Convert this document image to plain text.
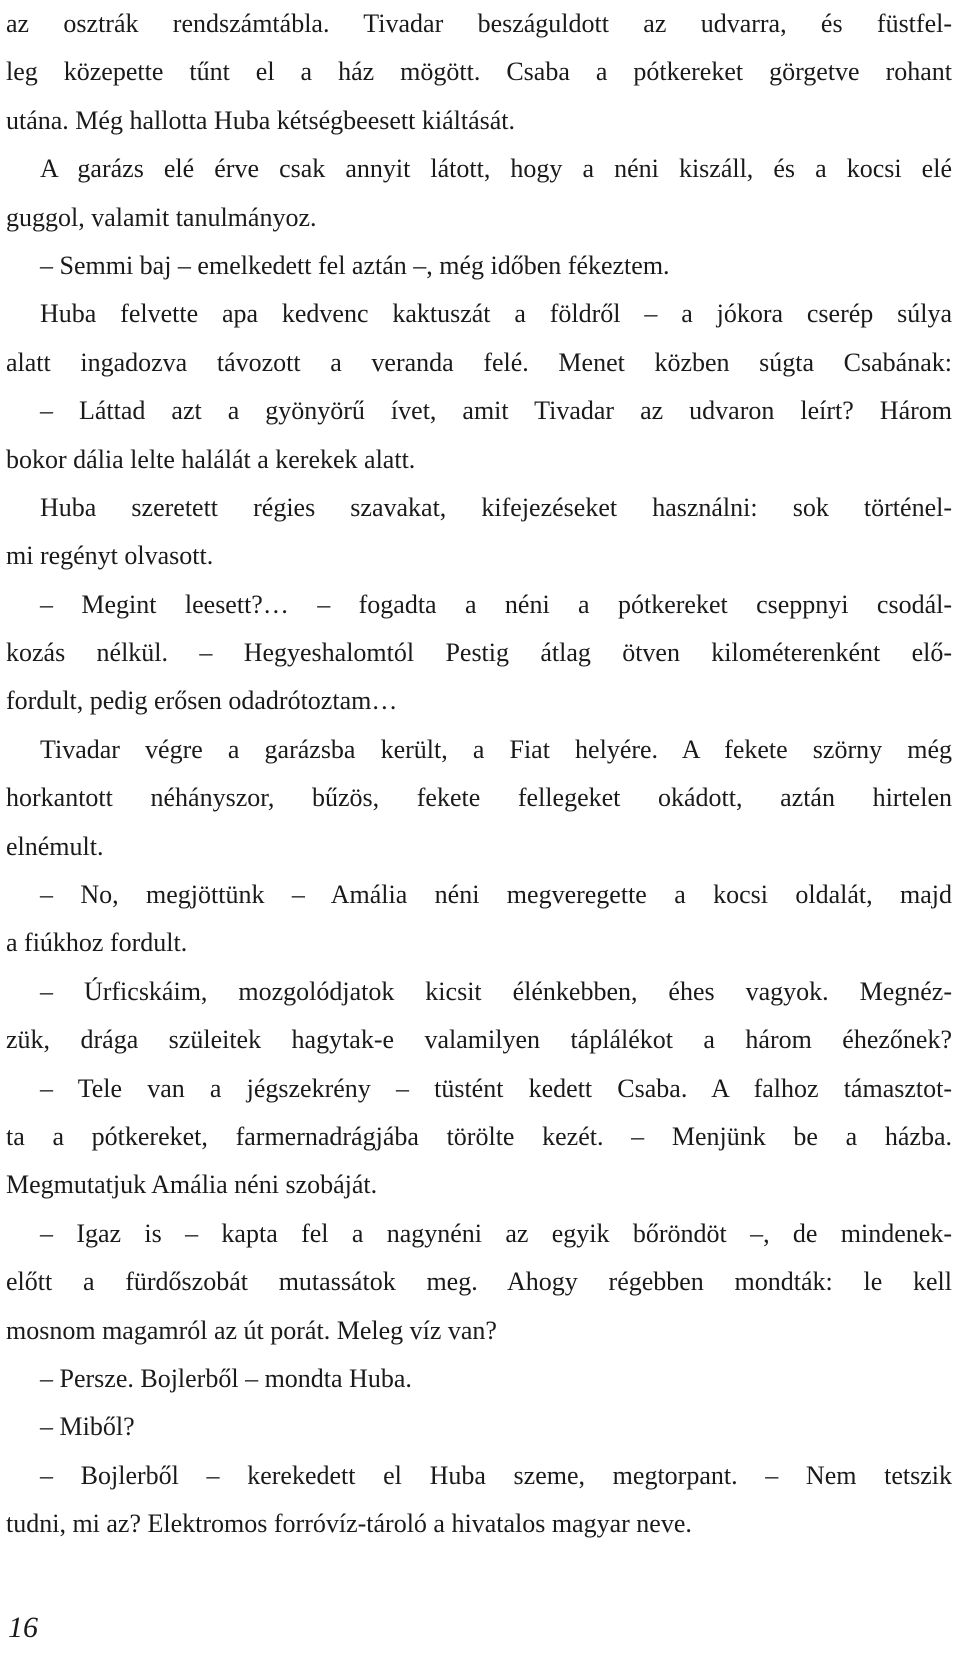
az osztrák rendszámtábla. Tivadar beszáguldott az udvarra, és füstfel-
leg közepette tűnt el a ház mögött. Csaba a pótkereket görgetve rohant
utána. Még hallotta Huba kétségbeesett kiáltását.
A garázs elé érve csak annyit látott, hogy a néni kiszáll, és a kocsi elé
guggol, valamit tanulmányoz.
– Semmi baj – emelkedett fel aztán –, még időben fékeztem.
Huba felvette apa kedvenc kaktuszát a földről – a jókora cserép súlya
alatt ingadozva távozott a veranda felé. Menet közben súgta Csabának:
– Láttad azt a gyönyörű ívet, amit Tivadar az udvaron leírt? Három
bokor dália lelte halálát a kerekek alatt.
Huba szeretett régies szavakat, kifejezéseket használni: sok történel-
mi regényt olvasott.
– Megint leesett?… – fogadta a néni a pótkereket cseppnyi csodál-
kozás nélkül. – Hegyeshalomtól Pestig átlag ötven kilométerenként elő-
fordult, pedig erősen odadrótoztam…
Tivadar végre a garázsba került, a Fiat helyére. A fekete szörny még
horkantott néhányszor, bűzös, fekete fellegeket okádott, aztán hirtelen
elnémult.
– No, megjöttünk – Amália néni megveregette a kocsi oldalát, majd
a fiúkhoz fordult.
– Úrficskáim, mozgolódjatok kicsit élénkebben, éhes vagyok. Megnéz-
zük, drága szüleitek hagytak-e valamilyen táplálékot a három éhezőnek?
– Tele van a jégszekrény – tüstént kedett Csaba. A falhoz támasztot-
ta a pótkereket, farmernadrágjába törölte kezét. – Menjünk be a házba.
Megmutatjuk Amália néni szobáját.
– Igaz is – kapta fel a nagynéni az egyik bőröndöt –, de mindenek-
előtt a fürdőszobát mutassátok meg. Ahogy régebben mondták: le kell
mosnom magamról az út porát. Meleg víz van?
– Persze. Bojlerből – mondta Huba.
– Miből?
– Bojlerből – kerekedett el Huba szeme, megtorpant. – Nem tetszik
tudni, mi az? Elektromos forróvíz-tároló a hivatalos magyar neve.
16
